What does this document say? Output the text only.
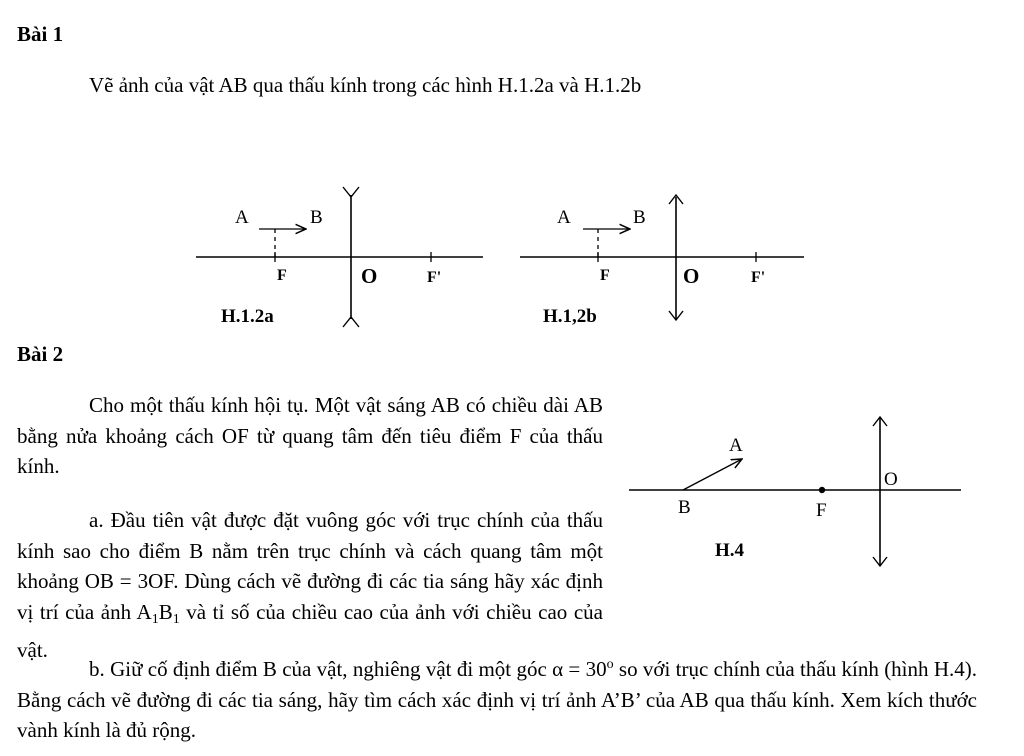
Bài 1
Vẽ ảnh của vật AB qua thấu kính trong các hình H.1.2a và H.1.2b
A	B
F	O	F'
H.1.2a
A	B
F	O	F'
H.1,2b
A
B	F
O
H.4
Bài 2
Cho một thấu kính hội tụ. Một vật sáng AB có chiều dài AB bằng nửa khoảng cách OF từ quang tâm đến tiêu điểm F của thấu kính.
a. Đầu tiên vật được đặt vuông góc với trục chính của thấu kính sao cho điểm B nằm trên trục chính và cách quang tâm một khoảng OB = 3OF. Dùng cách vẽ đường đi các tia sáng hãy xác định vị trí của ảnh $A_1B_1$ và tỉ số của chiều cao của ảnh với chiều cao của vật.
b. Giữ cố định điểm B của vật, nghiêng vật đi một góc $\alpha = 30^o$ so với trục chính của thấu kính (hình H.4). Bằng cách vẽ đường đi các tia sáng, hãy tìm cách xác định vị trí ảnh A’B’ của AB qua thấu kính. Xem kích thước vành kính là đủ rộng.
